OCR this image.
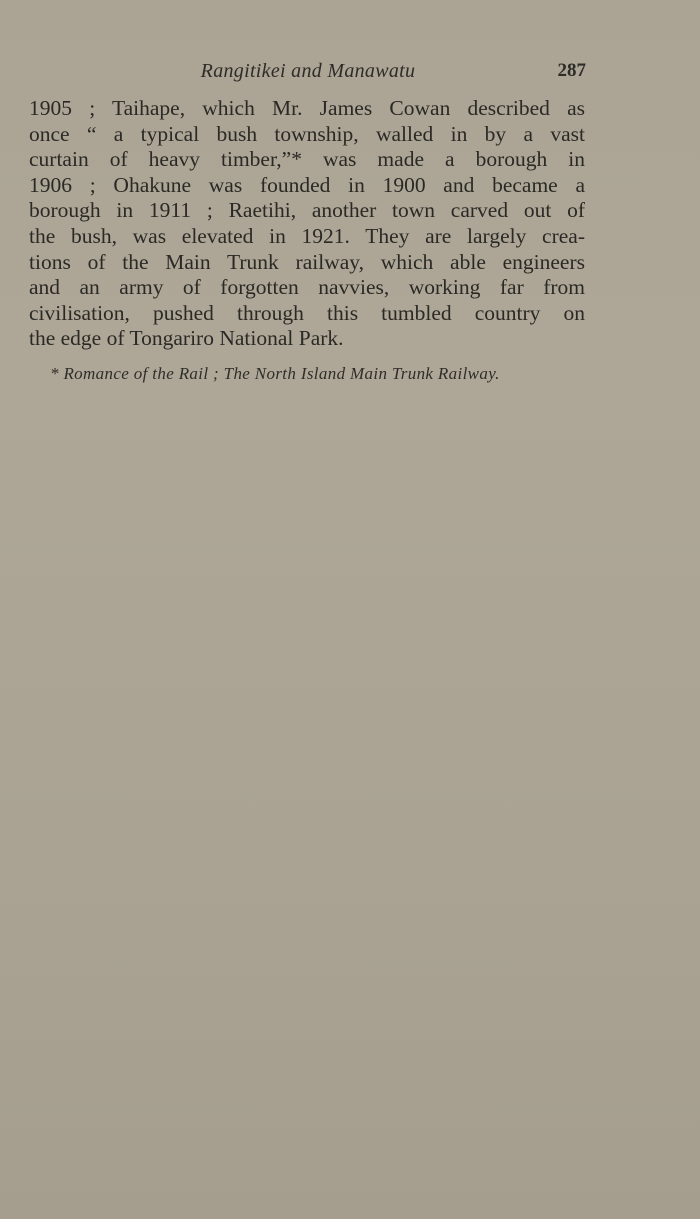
Rangitikei and Manawatu	287
1905 ; Taihape, which Mr. James Cowan described as
once “ a typical bush township, walled in by a vast
curtain of heavy timber,”* was made a borough in
1906 ; Ohakune was founded in 1900 and became a
borough in 1911 ; Raetihi, another town carved out of
the bush, was elevated in 1921. They are largely crea-
tions of the Main Trunk railway, which able engineers
and an army of forgotten navvies, working far from
civilisation, pushed through this tumbled country on
the edge of Tongariro National Park.
* Romance of the Rail ; The North Island Main Trunk Railway.
